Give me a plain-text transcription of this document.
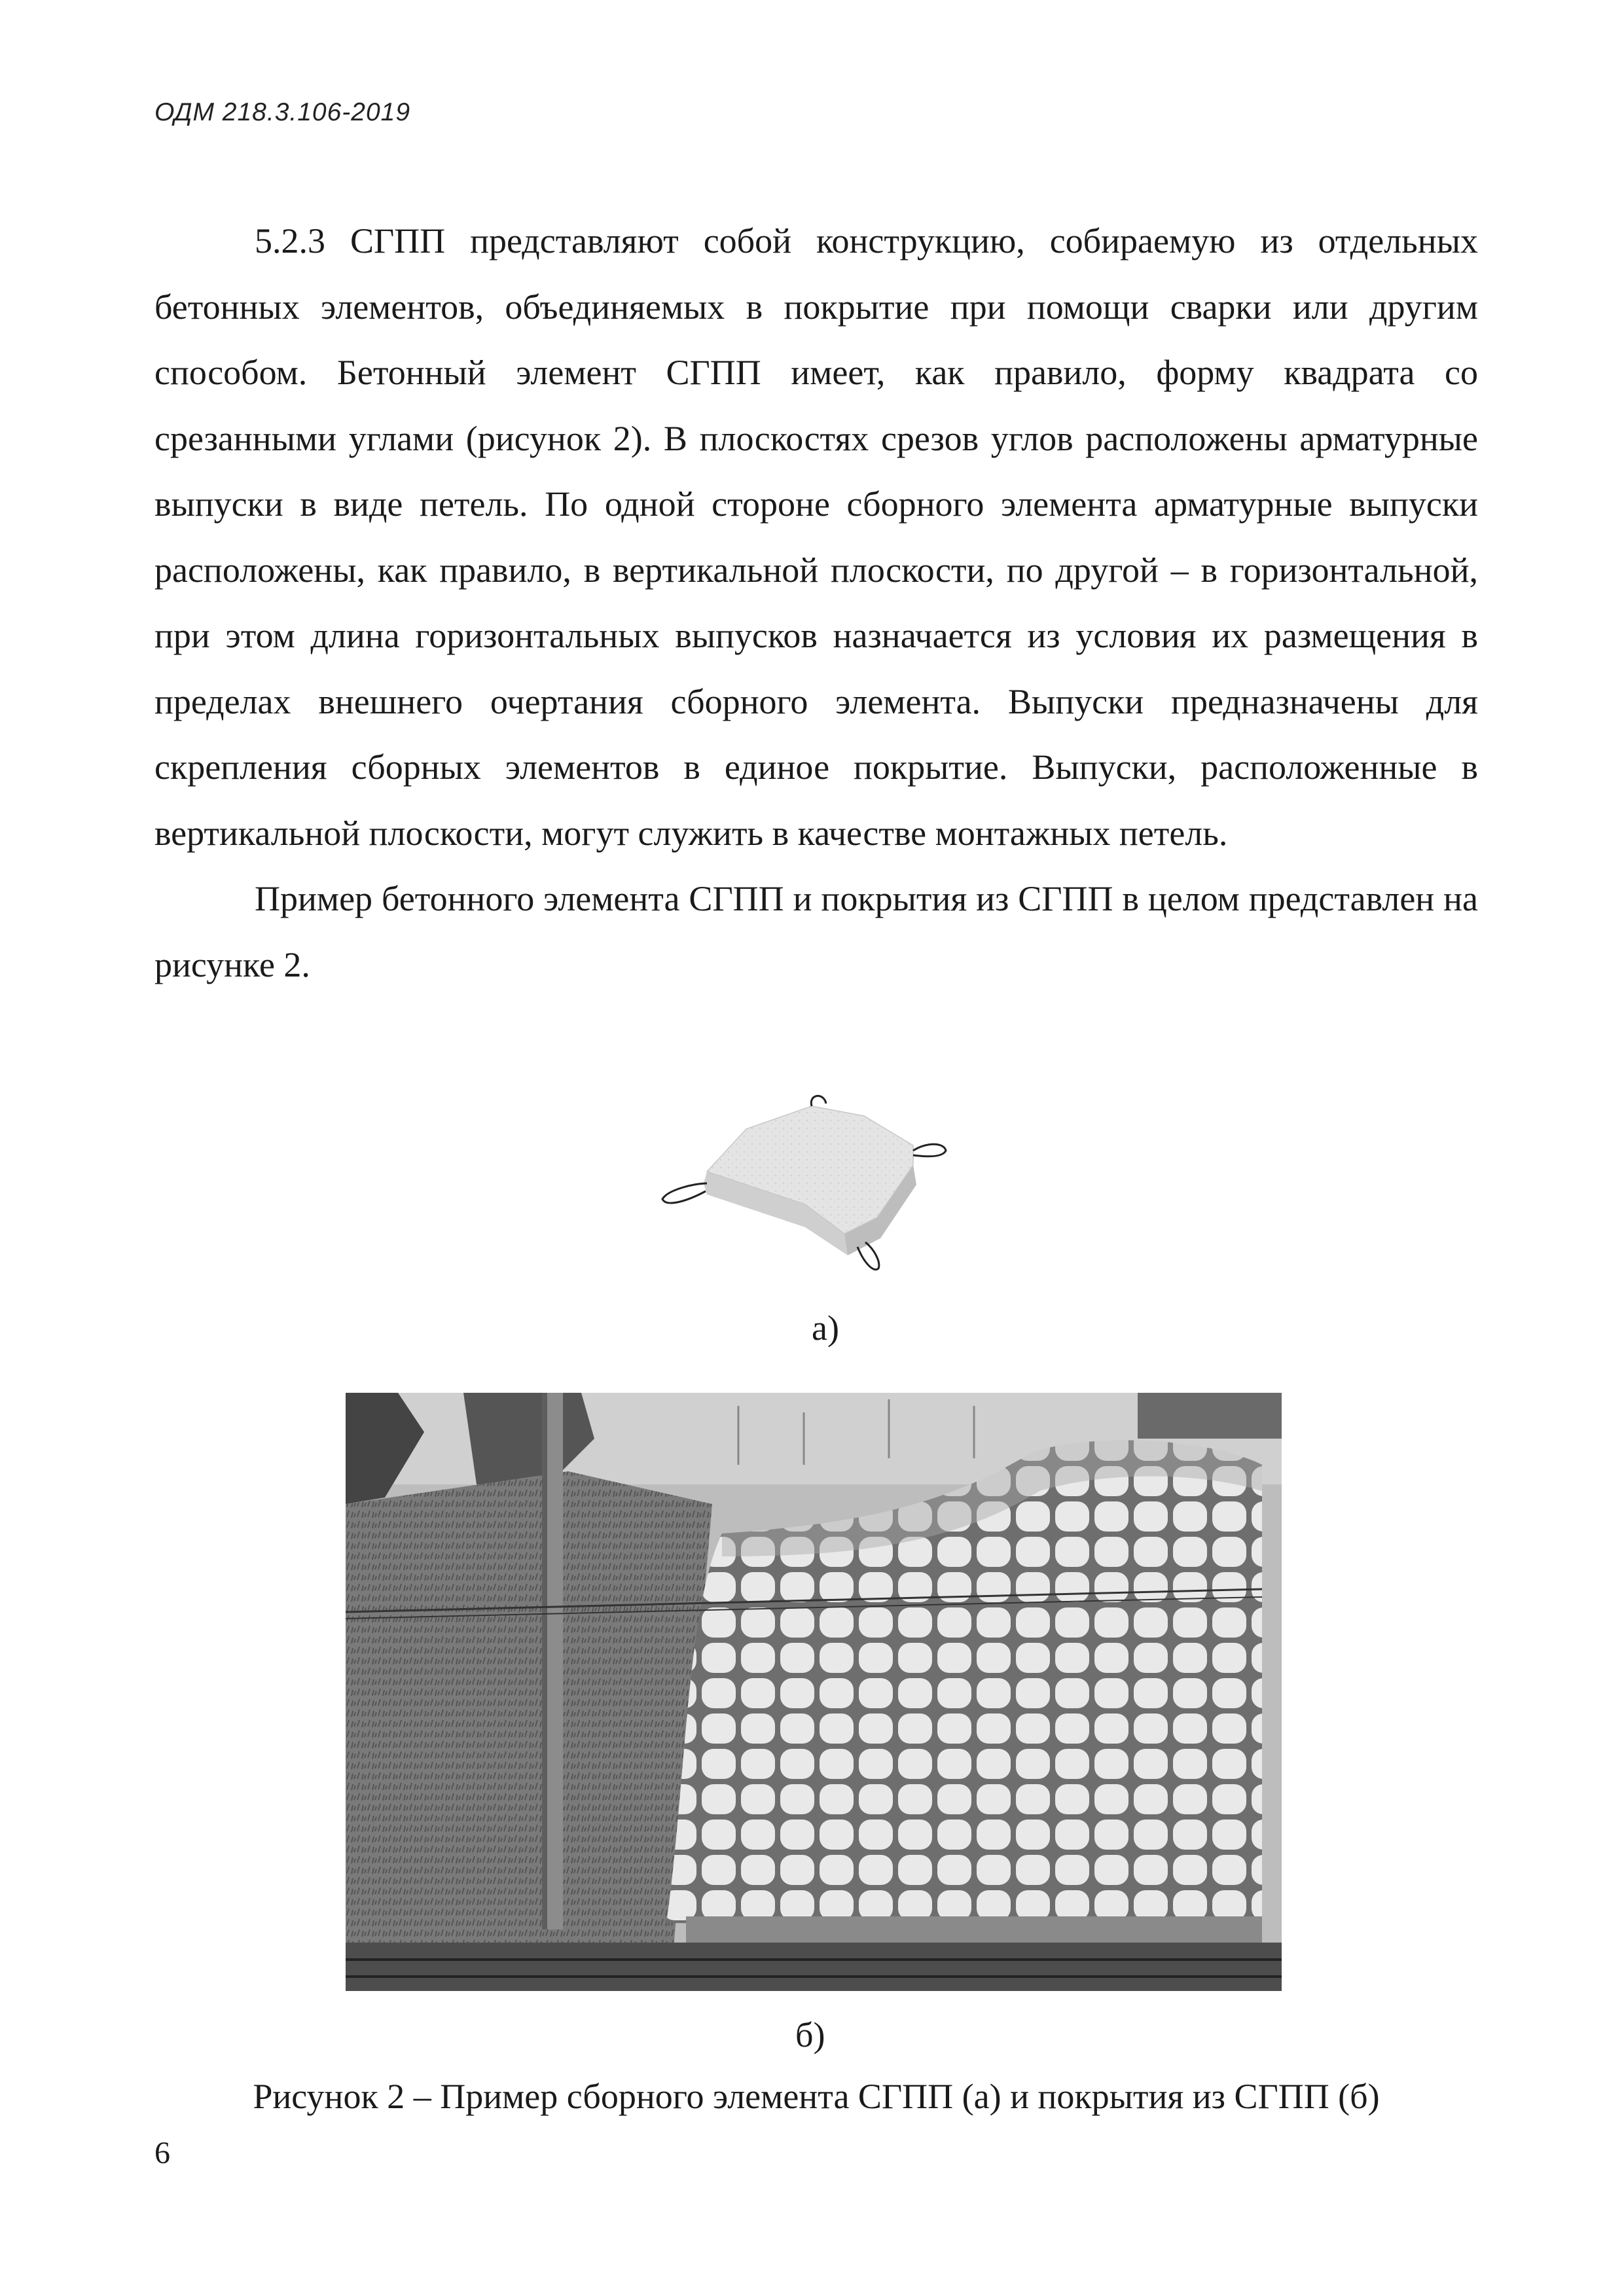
ОДМ 218.3.106-2019

5.2.3 СГПП представляют собой конструкцию, собираемую из отдельных бетонных элементов, объединяемых в покрытие при помощи сварки или другим способом. Бетонный элемент СГПП имеет, как правило, форму квадрата со срезанными углами (рисунок 2). В плоскостях срезов углов расположены арматурные выпуски в виде петель. По одной стороне сборного элемента арматурные выпуски расположены, как правило, в вертикальной плоскости, по другой – в горизонтальной, при этом длина горизонтальных выпусков назначается из условия их размещения в пределах внешнего очертания сборного элемента. Выпуски предназначены для скрепления сборных элементов в единое покрытие. Выпуски, расположенные в вертикальной плоскости, могут служить в качестве монтажных петель.

Пример бетонного элемента СГПП и покрытия из СГПП в целом представлен на рисунке 2.

а)
б)
Рисунок 2 – Пример сборного элемента СГПП (а) и покрытия из СГПП (б)
6
